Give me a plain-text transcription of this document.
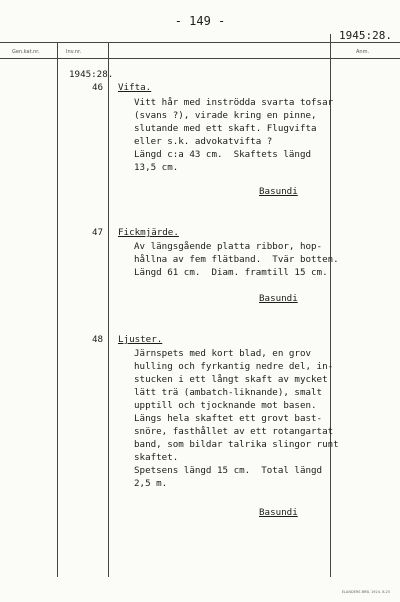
- 149 -
1945:28.
Gen.kat.nr.	Inv.nr.	Anm.
1945:28.
46 Vifta.
Vitt hår med inströdda svarta tofsar
(svans ?), virade kring en pinne,
slutande med ett skaft. Flugvifta
eller s.k. advokatvifta ?
Längd c:a 43 cm.  Skaftets längd
13,5 cm.
Basundi
47 Fickmjärde.
Av längsgående platta ribbor, hop-
hållna av fem flätband.  Tvär botten.
Längd 61 cm.  Diam. framtill 15 cm.
Basundi
48 Ljuster.
Järnspets med kort blad, en grov
hulling och fyrkantig nedre del, in-
stucken i ett långt skaft av mycket
lätt trä (ambatch-liknande), smalt
upptill och tjocknande mot basen.
Längs hela skaftet ett grovt bast-
snöre, fasthållet av ett rotangartat
band, som bildar talrika slingor runt
skaftet.
Spetsens längd 15 cm.  Total längd
2,5 m.
Basundi
ELANDERS BRB. 1924. 8.25
